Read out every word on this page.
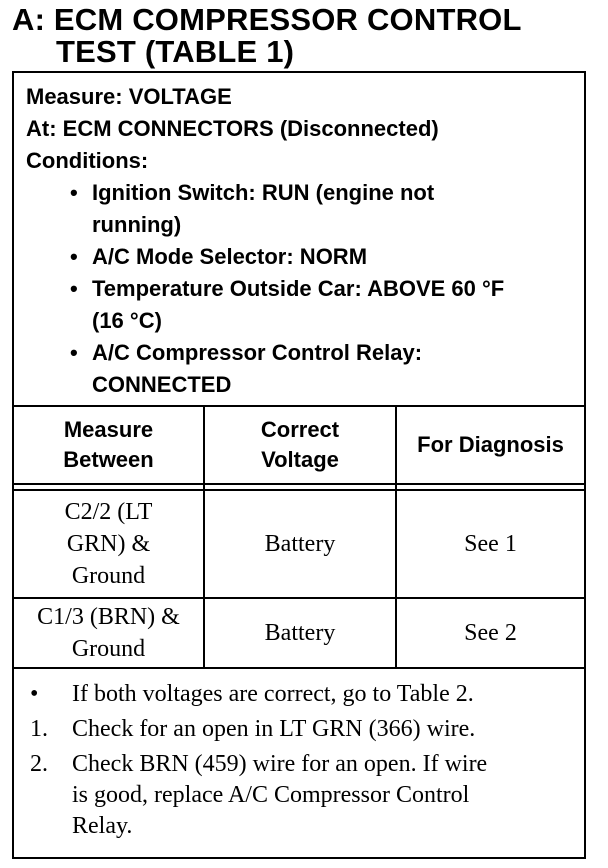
A: ECM COMPRESSOR CONTROL
TEST (TABLE 1)
Measure: VOLTAGE
At: ECM CONNECTORS (Disconnected)
Conditions:
• Ignition Switch: RUN (engine not
running)
• A/C Mode Selector: NORM
• Temperature Outside Car: ABOVE 60 °F
(16 °C)
• A/C Compressor Control Relay:
CONNECTED
Measure
Between
Correct
Voltage
For Diagnosis
C2/2 (LT
GRN) &
Ground
Battery	See 1
C1/3 (BRN) &
Ground
Battery	See 2
• If both voltages are correct, go to Table 2.
1. Check for an open in LT GRN (366) wire.
2. Check BRN (459) wire for an open. If wire
is good, replace A/C Compressor Control
Relay.
